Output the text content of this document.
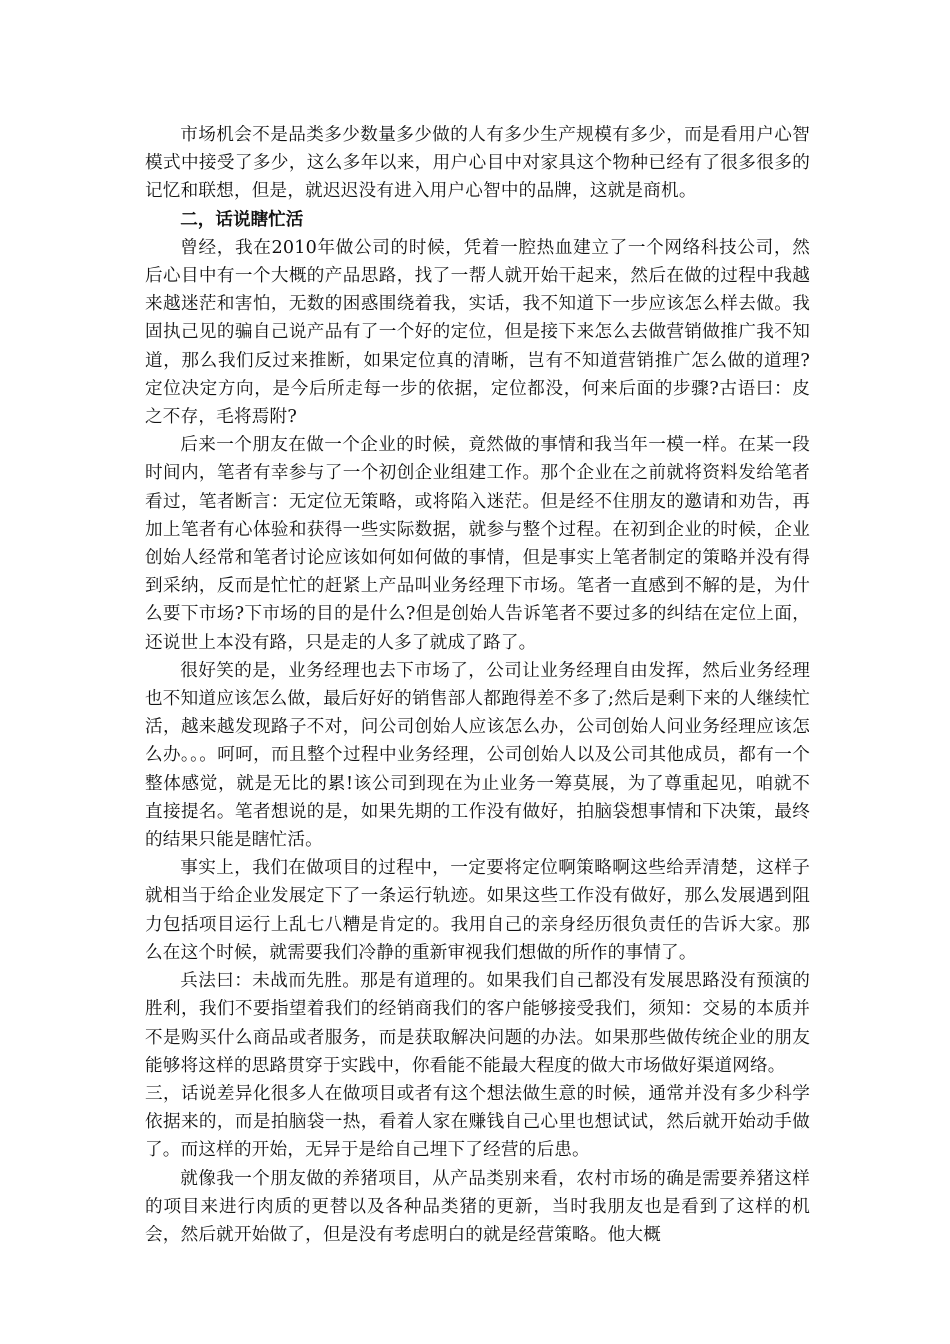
市场机会不是品类多少数量多少做的人有多少生产规模有多少，而是看用户心智模式中接受了多少，这么多年以来，用户心目中对家具这个物种已经有了很多很多的记忆和联想，但是，就迟迟没有进入用户心智中的品牌，这就是商机。

二，话说瞎忙活

曾经，我在2010年做公司的时候，凭着一腔热血建立了一个网络科技公司，然后心目中有一个大概的产品思路，找了一帮人就开始干起来，然后在做的过程中我越来越迷茫和害怕，无数的困惑围绕着我，实话，我不知道下一步应该怎么样去做。我固执己见的骗自己说产品有了一个好的定位，但是接下来怎么去做营销做推广我不知道，那么我们反过来推断，如果定位真的清晰，岂有不知道营销推广怎么做的道理?定位决定方向，是今后所走每一步的依据，定位都没，何来后面的步骤?古语曰：皮之不存，毛将焉附?

后来一个朋友在做一个企业的时候，竟然做的事情和我当年一模一样。在某一段时间内，笔者有幸参与了一个初创企业组建工作。那个企业在之前就将资料发给笔者看过，笔者断言：无定位无策略，或将陷入迷茫。但是经不住朋友的邀请和劝告，再加上笔者有心体验和获得一些实际数据，就参与整个过程。在初到企业的时候，企业创始人经常和笔者讨论应该如何如何做的事情，但是事实上笔者制定的策略并没有得到采纳，反而是忙忙的赶紧上产品叫业务经理下市场。笔者一直感到不解的是，为什么要下市场?下市场的目的是什么?但是创始人告诉笔者不要过多的纠结在定位上面，还说世上本没有路，只是走的人多了就成了路了。

很好笑的是，业务经理也去下市场了，公司让业务经理自由发挥，然后业务经理也不知道应该怎么做，最后好好的销售部人都跑得差不多了;然后是剩下来的人继续忙活，越来越发现路子不对，问公司创始人应该怎么办，公司创始人问业务经理应该怎么办。。。呵呵，而且整个过程中业务经理，公司创始人以及公司其他成员，都有一个整体感觉，就是无比的累!该公司到现在为止业务一筹莫展，为了尊重起见，咱就不直接提名。笔者想说的是，如果先期的工作没有做好，拍脑袋想事情和下决策，最终的结果只能是瞎忙活。

事实上，我们在做项目的过程中，一定要将定位啊策略啊这些给弄清楚，这样子就相当于给企业发展定下了一条运行轨迹。如果这些工作没有做好，那么发展遇到阻力包括项目运行上乱七八糟是肯定的。我用自己的亲身经历很负责任的告诉大家。那么在这个时候，就需要我们冷静的重新审视我们想做的所作的事情了。

兵法曰：未战而先胜。那是有道理的。如果我们自己都没有发展思路没有预演的胜利，我们不要指望着我们的经销商我们的客户能够接受我们，须知：交易的本质并不是购买什么商品或者服务，而是获取解决问题的办法。如果那些做传统企业的朋友能够将这样的思路贯穿于实践中，你看能不能最大程度的做大市场做好渠道网络。

三，话说差异化很多人在做项目或者有这个想法做生意的时候，通常并没有多少科学依据来的，而是拍脑袋一热，看着人家在赚钱自己心里也想试试，然后就开始动手做了。而这样的开始，无异于是给自己埋下了经营的后患。

就像我一个朋友做的养猪项目，从产品类别来看，农村市场的确是需要养猪这样的项目来进行肉质的更替以及各种品类猪的更新，当时我朋友也是看到了这样的机会，然后就开始做了，但是没有考虑明白的就是经营策略。他大概
